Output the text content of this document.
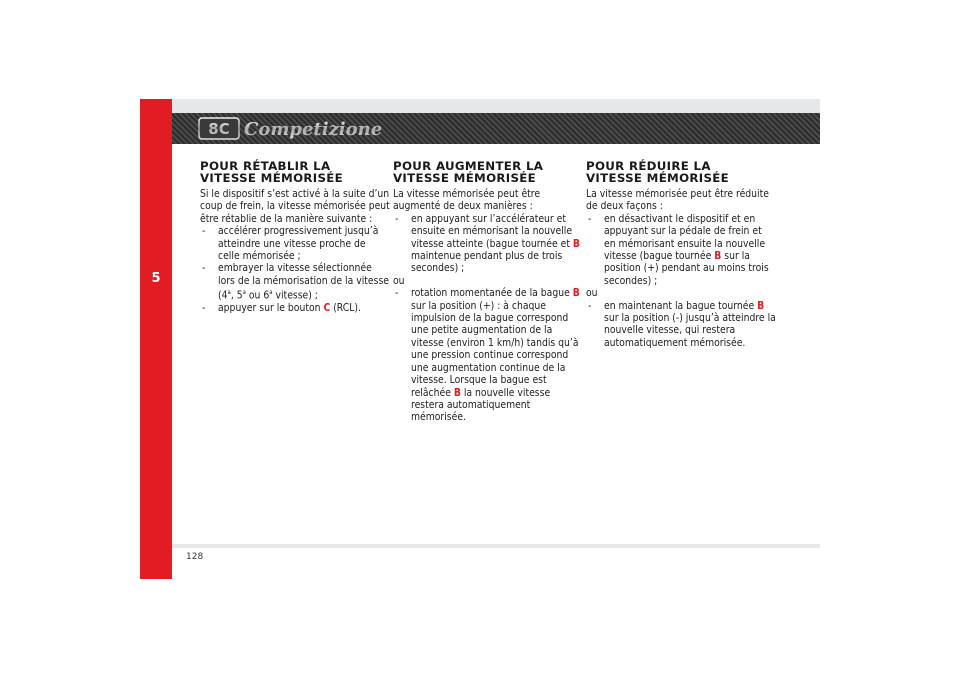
5
8C Competizione
POUR RÉTABLIR LA
VITESSE MÉMORISÉE

Si le dispositif s’est activé à la suite d’un coup de frein, la vitesse mémorisée peut être rétablie de la manière suivante :

- accélérer progressivement jusqu’à atteindre une vitesse proche de celle mémorisée ;
- embrayer la vitesse sélectionnée lors de la mémorisation de la vitesse (4$^a$, 5$^a$ ou 6$^a$ vitesse) ;
- appuyer sur le bouton C (RCL).
POUR AUGMENTER LA
VITESSE MÉMORISÉE

La vitesse mémorisée peut être augmenté de deux manières :

- en appuyant sur l’accélérateur et ensuite en mémorisant la nouvelle vitesse atteinte (bague tournée et B maintenue pendant plus de trois secondes) ;

ou

- rotation momentanée de la bague B sur la position (+) : à chaque impulsion de la bague correspond une petite augmentation de la vitesse (environ 1 km/h) tandis qu’à une pression continue correspond une augmentation continue de la vitesse. Lorsque la bague est relâchée B la nouvelle vitesse restera automatiquement mémorisée.
POUR RÉDUIRE LA
VITESSE MÉMORISÉE

La vitesse mémorisée peut être réduite de deux façons :

- en désactivant le dispositif et en appuyant sur la pédale de frein et en mémorisant ensuite la nouvelle vitesse (bague tournée B sur la position (+) pendant au moins trois secondes) ;

ou

- en maintenant la bague tournée B sur la position (-) jusqu’à atteindre la nouvelle vitesse, qui restera automatiquement mémorisée.
128
